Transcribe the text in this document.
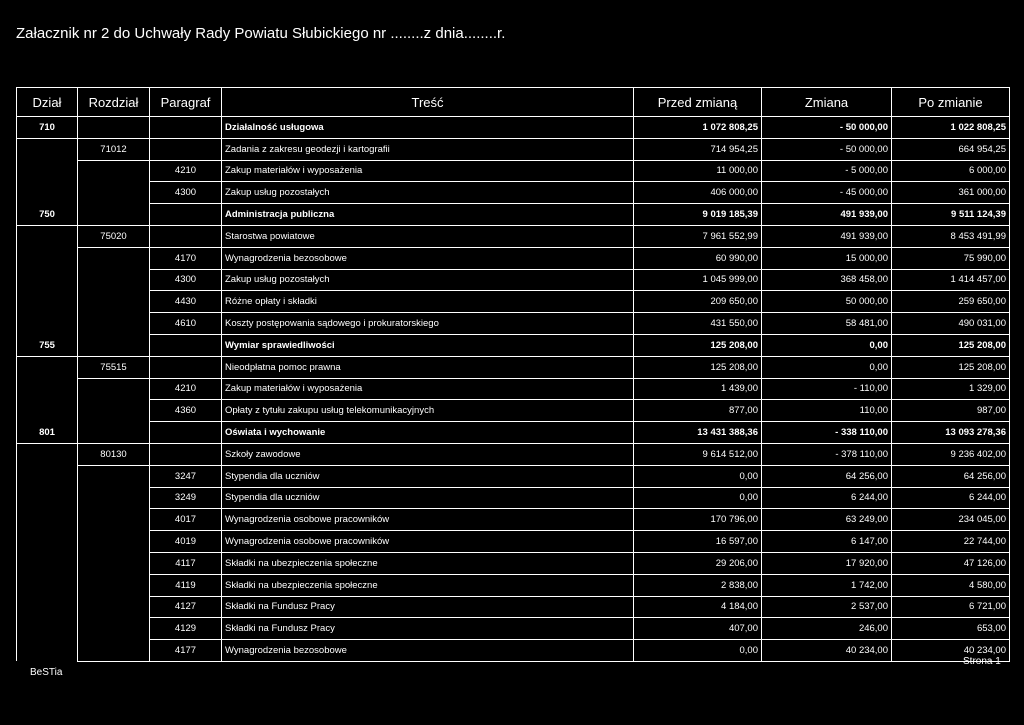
Załacznik nr 2 do Uchwały Rady Powiatu Słubickiego nr ........z dnia........r.
Dział	Rozdział	Paragraf	Treść	Przed zmianą	Zmiana	Po zmianie
710			Działalność usługowa	1 072 808,25	- 50 000,00	1 022 808,25
	71012		Zadania z zakresu geodezji i kartografii	714 954,25	- 50 000,00	664 954,25
		4210	Zakup materiałów i wyposażenia	11 000,00	- 5 000,00	6 000,00
		4300	Zakup usług pozostałych	406 000,00	- 45 000,00	361 000,00
750			Administracja publiczna	9 019 185,39	491 939,00	9 511 124,39
	75020		Starostwa powiatowe	7 961 552,99	491 939,00	8 453 491,99
		4170	Wynagrodzenia bezosobowe	60 990,00	15 000,00	75 990,00
		4300	Zakup usług pozostałych	1 045 999,00	368 458,00	1 414 457,00
		4430	Różne opłaty i składki	209 650,00	50 000,00	259 650,00
		4610	Koszty postępowania sądowego i prokuratorskiego	431 550,00	58 481,00	490 031,00
755			Wymiar sprawiedliwości	125 208,00	0,00	125 208,00
	75515		Nieodpłatna pomoc prawna	125 208,00	0,00	125 208,00
		4210	Zakup materiałów i wyposażenia	1 439,00	- 110,00	1 329,00
		4360	Opłaty z tytułu zakupu usług telekomunikacyjnych	877,00	110,00	987,00
801			Oświata i wychowanie	13 431 388,36	- 338 110,00	13 093 278,36
	80130		Szkoły zawodowe	9 614 512,00	- 378 110,00	9 236 402,00
		3247	Stypendia dla uczniów	0,00	64 256,00	64 256,00
		3249	Stypendia dla uczniów	0,00	6 244,00	6 244,00
		4017	Wynagrodzenia osobowe pracowników	170 796,00	63 249,00	234 045,00
		4019	Wynagrodzenia osobowe pracowników	16 597,00	6 147,00	22 744,00
		4117	Składki na ubezpieczenia społeczne	29 206,00	17 920,00	47 126,00
		4119	Składki na ubezpieczenia społeczne	2 838,00	1 742,00	4 580,00
		4127	Składki na Fundusz Pracy	4 184,00	2 537,00	6 721,00
		4129	Składki na Fundusz Pracy	407,00	246,00	653,00
		4177	Wynagrodzenia bezosobowe	0,00	40 234,00	40 234,00
BeSTia
Strona 1
